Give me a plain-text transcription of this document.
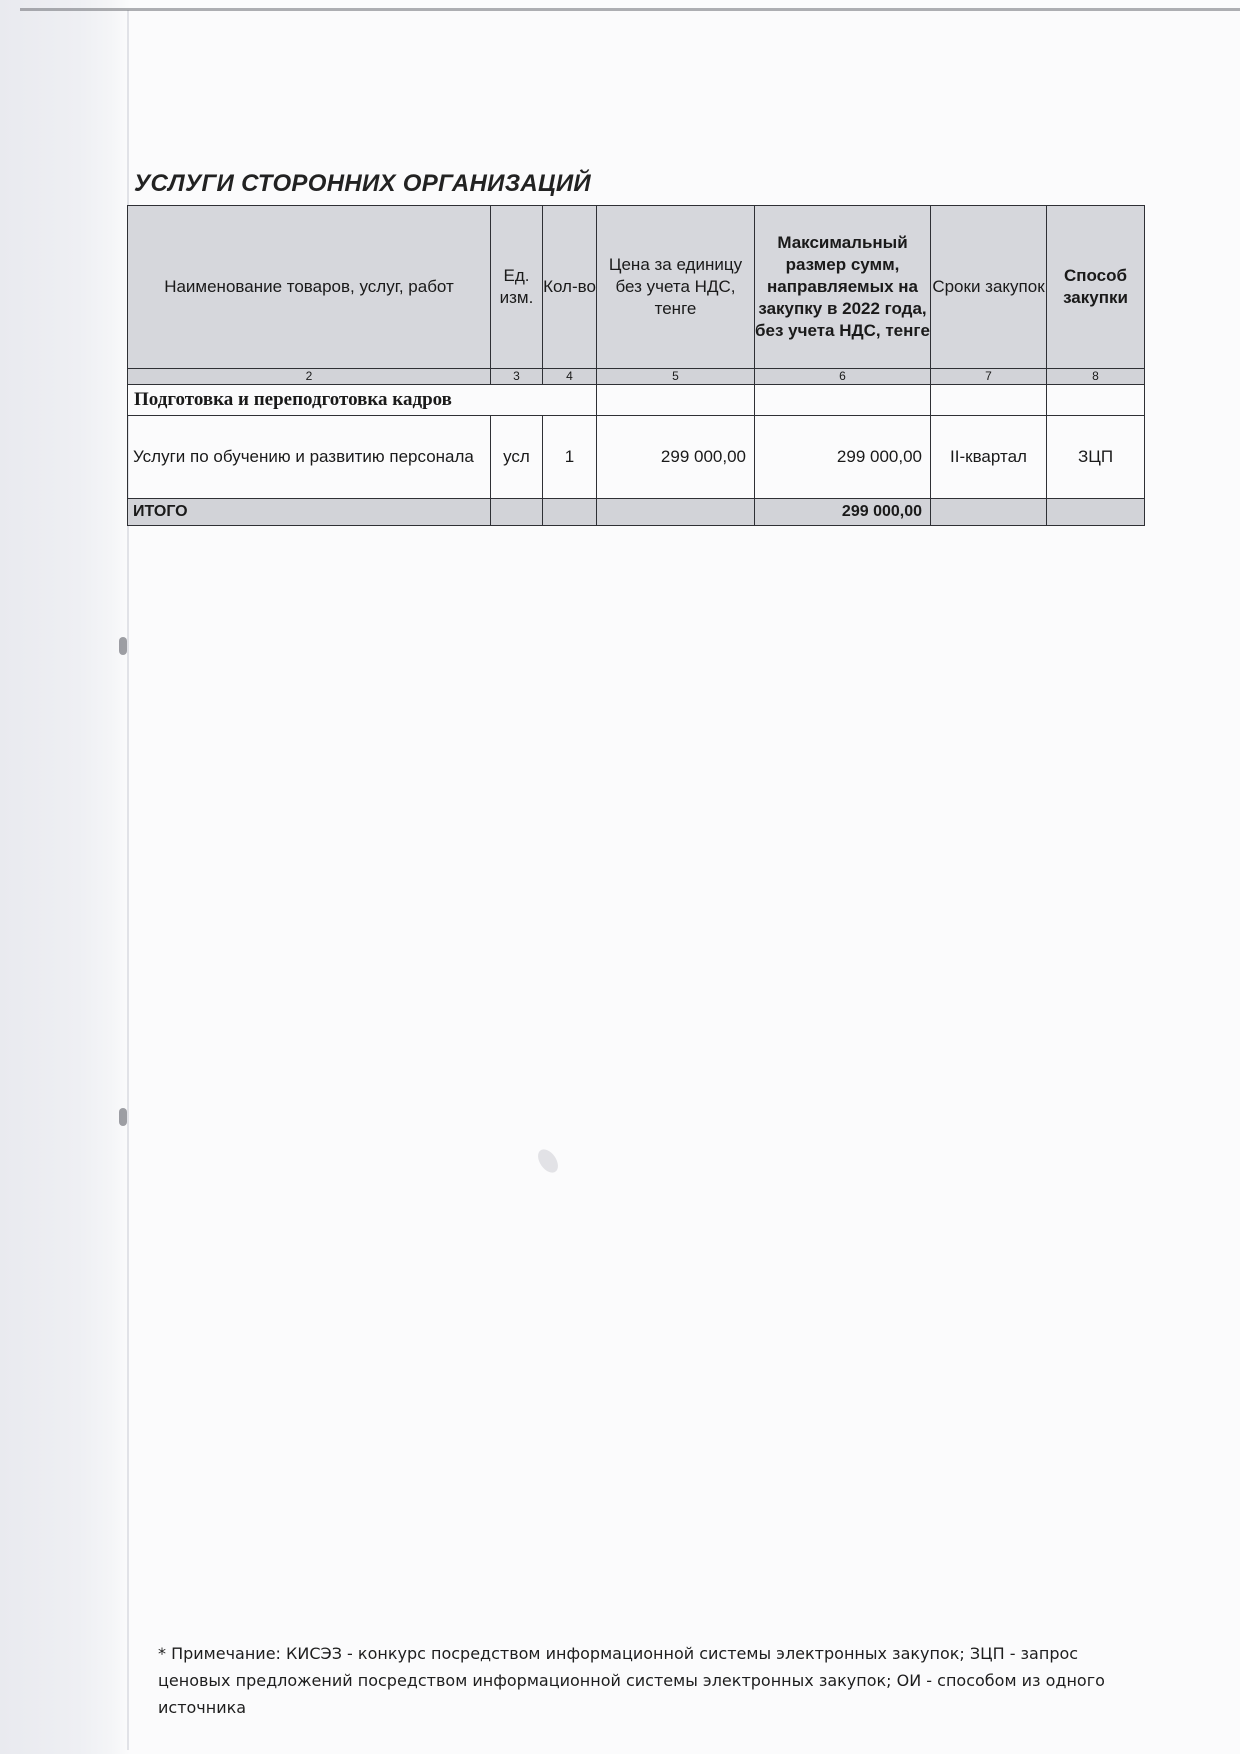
УСЛУГИ СТОРОННИХ ОРГАНИЗАЦИЙ
Наименование товаров, услуг, работ	Ед. изм.	Кол-во	Цена за единицу без учета НДС, тенге	Максимальный размер сумм, направляемых на закупку в 2022 года, без учета НДС, тенге	Сроки закупок	Способ закупки
2	3	4	5	6	7	8
Подготовка и переподготовка кадров						
Услуги по обучению и развитию персонала	усл	1	299 000,00	299 000,00	II-квартал	ЗЦП
ИТОГО				299 000,00		

* Примечание: КИСЭЗ - конкурс посредством информационной системы электронных закупок; ЗЦП - запрос ценовых предложений посредством информационной системы электронных закупок; ОИ - способом из одного источника
